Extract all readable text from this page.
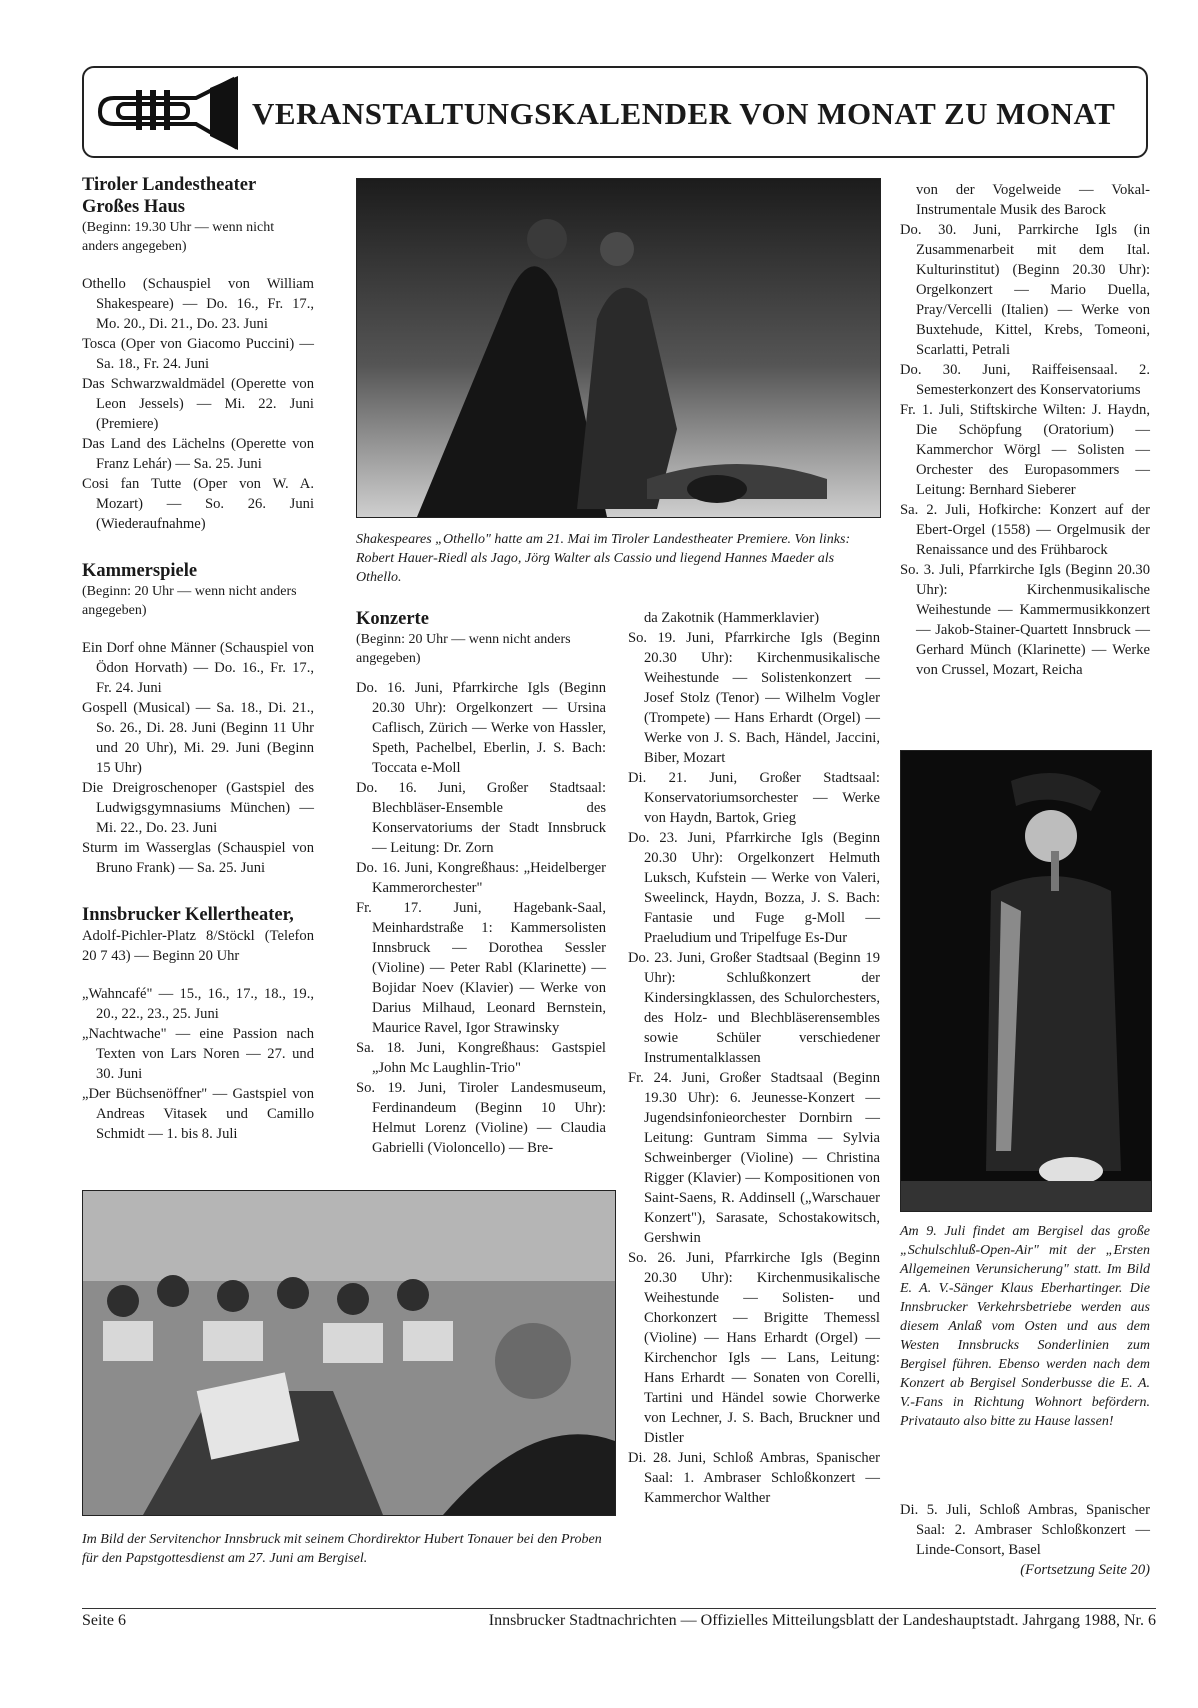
VERANSTALTUNGSKALENDER VON MONAT ZU MONAT
Tiroler Landestheater
Großes Haus
(Beginn: 19.30 Uhr — wenn nicht anders angegeben)

Othello (Schauspiel von William Shakespeare) — Do. 16., Fr. 17., Mo. 20., Di. 21., Do. 23. Juni

Tosca (Oper von Giacomo Puccini) — Sa. 18., Fr. 24. Juni

Das Schwarzwaldmädel (Operette von Leon Jessels) — Mi. 22. Juni (Premiere)

Das Land des Lächelns (Operette von Franz Lehár) — Sa. 25. Juni

Cosi fan Tutte (Oper von W. A. Mozart) — So. 26. Juni (Wiederaufnahme)

Kammerspiele
(Beginn: 20 Uhr — wenn nicht anders angegeben)

Ein Dorf ohne Männer (Schauspiel von Ödon Horvath) — Do. 16., Fr. 17., Fr. 24. Juni

Gospell (Musical) — Sa. 18., Di. 21., So. 26., Di. 28. Juni (Beginn 11 Uhr und 20 Uhr), Mi. 29. Juni (Beginn 15 Uhr)

Die Dreigroschenoper (Gastspiel des Ludwigsgymnasiums München) — Mi. 22., Do. 23. Juni

Sturm im Wasserglas (Schauspiel von Bruno Frank) — Sa. 25. Juni

Innsbrucker Kellertheater,

Adolf-Pichler-Platz 8/Stöckl (Telefon 20 7 43) — Beginn 20 Uhr

„Wahncafé" — 15., 16., 17., 18., 19., 20., 22., 23., 25. Juni

„Nachtwache" — eine Passion nach Texten von Lars Noren — 27. und 30. Juni

„Der Büchsenöffner" — Gastspiel von Andreas Vitasek und Camillo Schmidt — 1. bis 8. Juli

Shakespeares „Othello" hatte am 21. Mai im Tiroler Landestheater Premiere. Von links: Robert Hauer-Riedl als Jago, Jörg Walter als Cassio und liegend Hannes Maeder als Othello.
Konzerte
(Beginn: 20 Uhr — wenn nicht anders angegeben)

Do. 16. Juni, Pfarrkirche Igls (Beginn 20.30 Uhr): Orgelkonzert — Ursina Caflisch, Zürich — Werke von Hassler, Speth, Pachelbel, Eberlin, J. S. Bach: Toccata e-Moll

Do. 16. Juni, Großer Stadtsaal: Blechbläser-Ensemble des Konservatoriums der Stadt Innsbruck — Leitung: Dr. Zorn

Do. 16. Juni, Kongreßhaus: „Heidelberger Kammerorchester"

Fr. 17. Juni, Hagebank-Saal, Meinhardstraße 1: Kammersolisten Innsbruck — Dorothea Sessler (Violine) — Peter Rabl (Klarinette) — Bojidar Noev (Klavier) — Werke von Darius Milhaud, Leonard Bernstein, Maurice Ravel, Igor Strawinsky

Sa. 18. Juni, Kongreßhaus: Gastspiel „John Mc Laughlin-Trio"

So. 19. Juni, Tiroler Landesmuseum, Ferdinandeum (Beginn 10 Uhr): Helmut Lorenz (Violine) — Claudia Gabrielli (Violoncello) — Bre-

da Zakotnik (Hammerklavier)

So. 19. Juni, Pfarrkirche Igls (Beginn 20.30 Uhr): Kirchenmusikalische Weihestunde — Solistenkonzert — Josef Stolz (Tenor) — Wilhelm Vogler (Trompete) — Hans Erhardt (Orgel) — Werke von J. S. Bach, Händel, Jaccini, Biber, Mozart

Di. 21. Juni, Großer Stadtsaal: Konservatoriumsorchester — Werke von Haydn, Bartok, Grieg

Do. 23. Juni, Pfarrkirche Igls (Beginn 20.30 Uhr): Orgelkonzert Helmuth Luksch, Kufstein — Werke von Valeri, Sweelinck, Haydn, Bozza, J. S. Bach: Fantasie und Fuge g-Moll — Praeludium und Tripelfuge Es-Dur

Do. 23. Juni, Großer Stadtsaal (Beginn 19 Uhr): Schlußkonzert der Kindersingklassen, des Schulorchesters, des Holz- und Blechbläserensembles sowie Schüler verschiedener Instrumentalklassen

Fr. 24. Juni, Großer Stadtsaal (Beginn 19.30 Uhr): 6. Jeunesse-Konzert — Jugendsinfonieorchester Dornbirn — Leitung: Guntram Simma — Sylvia Schweinberger (Violine) — Christina Rigger (Klavier) — Kompositionen von Saint-Saens, R. Addinsell („Warschauer Konzert"), Sarasate, Schostakowitsch, Gershwin

So. 26. Juni, Pfarrkirche Igls (Beginn 20.30 Uhr): Kirchenmusikalische Weihestunde — Solisten- und Chorkonzert — Brigitte Themessl (Violine) — Hans Erhardt (Orgel) — Kirchenchor Igls — Lans, Leitung: Hans Erhardt — Sonaten von Corelli, Tartini und Händel sowie Chorwerke von Lechner, J. S. Bach, Bruckner und Distler

Di. 28. Juni, Schloß Ambras, Spanischer Saal: 1. Ambraser Schloßkonzert — Kammerchor Walther

von der Vogelweide — Vokal-Instrumentale Musik des Barock

Do. 30. Juni, Parrkirche Igls (in Zusammenarbeit mit dem Ital. Kulturinstitut) (Beginn 20.30 Uhr): Orgelkonzert — Mario Duella, Pray/Vercelli (Italien) — Werke von Buxtehude, Kittel, Krebs, Tomeoni, Scarlatti, Petrali

Do. 30. Juni, Raiffeisensaal. 2. Semesterkonzert des Konservatoriums

Fr. 1. Juli, Stiftskirche Wilten: J. Haydn, Die Schöpfung (Oratorium) — Kammerchor Wörgl — Solisten — Orchester des Europasommers — Leitung: Bernhard Sieberer

Sa. 2. Juli, Hofkirche: Konzert auf der Ebert-Orgel (1558) — Orgelmusik der Renaissance und des Frühbarock

So. 3. Juli, Pfarrkirche Igls (Beginn 20.30 Uhr): Kirchenmusikalische Weihestunde — Kammermusikkonzert — Jakob-Stainer-Quartett Innsbruck — Gerhard Münch (Klarinette) — Werke von Crussel, Mozart, Reicha

Am 9. Juli findet am Bergisel das große „Schulschluß-Open-Air" mit der „Ersten Allgemeinen Verunsicherung" statt. Im Bild E. A. V.-Sänger Klaus Eberhartinger. Die Innsbrucker Verkehrsbetriebe werden aus diesem Anlaß vom Osten und aus dem Westen Innsbrucks Sonderlinien zum Bergisel führen. Ebenso werden nach dem Konzert ab Bergisel Sonderbusse die E. A. V.-Fans in Richtung Wohnort befördern. Privatauto also bitte zu Hause lassen!

Di. 5. Juli, Schloß Ambras, Spanischer Saal: 2. Ambraser Schloßkonzert — Linde-Consort, Basel

(Fortsetzung Seite 20)

Im Bild der Servitenchor Innsbruck mit seinem Chordirektor Hubert Tonauer bei den Proben für den Papstgottesdienst am 27. Juni am Bergisel.
Seite 6	Innsbrucker Stadtnachrichten — Offizielles Mitteilungsblatt der Landeshauptstadt. Jahrgang 1988, Nr. 6
